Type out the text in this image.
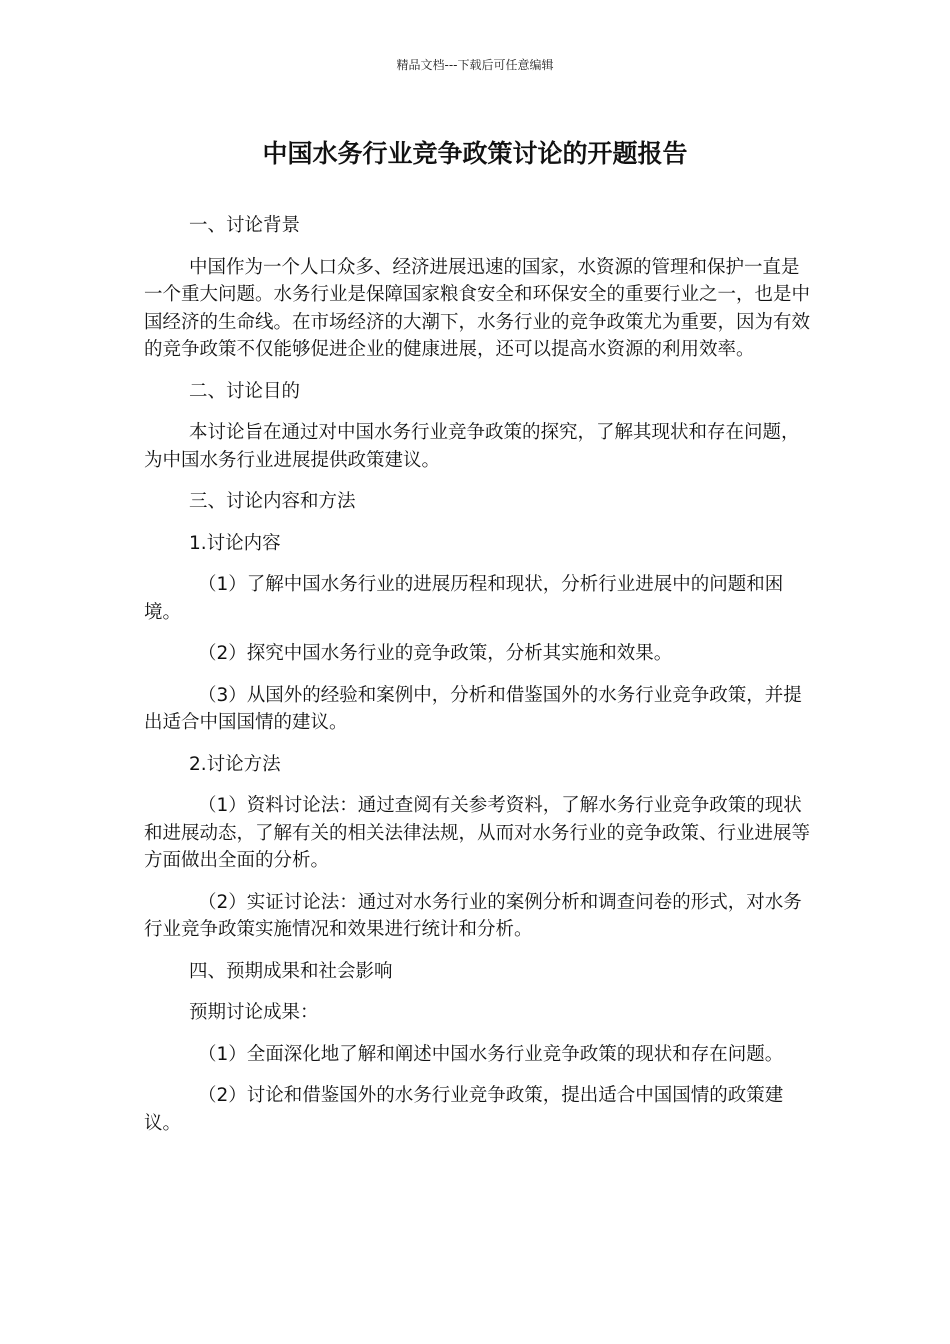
精品文档---下载后可任意编辑
中国水务行业竞争政策讨论的开题报告

一、讨论背景

中国作为一个人口众多、经济进展迅速的国家，水资源的管理和保护一直是一个重大问题。水务行业是保障国家粮食安全和环保安全的重要行业之一，也是中国经济的生命线。在市场经济的大潮下，水务行业的竞争政策尤为重要，因为有效的竞争政策不仅能够促进企业的健康进展，还可以提高水资源的利用效率。

二、讨论目的

本讨论旨在通过对中国水务行业竞争政策的探究，了解其现状和存在问题，为中国水务行业进展提供政策建议。

三、讨论内容和方法

1.讨论内容

（1）了解中国水务行业的进展历程和现状，分析行业进展中的问题和困境。

（2）探究中国水务行业的竞争政策，分析其实施和效果。

（3）从国外的经验和案例中，分析和借鉴国外的水务行业竞争政策，并提出适合中国国情的建议。

2.讨论方法

（1）资料讨论法：通过查阅有关参考资料，了解水务行业竞争政策的现状和进展动态，了解有关的相关法律法规，从而对水务行业的竞争政策、行业进展等方面做出全面的分析。

（2）实证讨论法：通过对水务行业的案例分析和调查问卷的形式，对水务行业竞争政策实施情况和效果进行统计和分析。

四、预期成果和社会影响

预期讨论成果：

（1）全面深化地了解和阐述中国水务行业竞争政策的现状和存在问题。

（2）讨论和借鉴国外的水务行业竞争政策，提出适合中国国情的政策建议。
